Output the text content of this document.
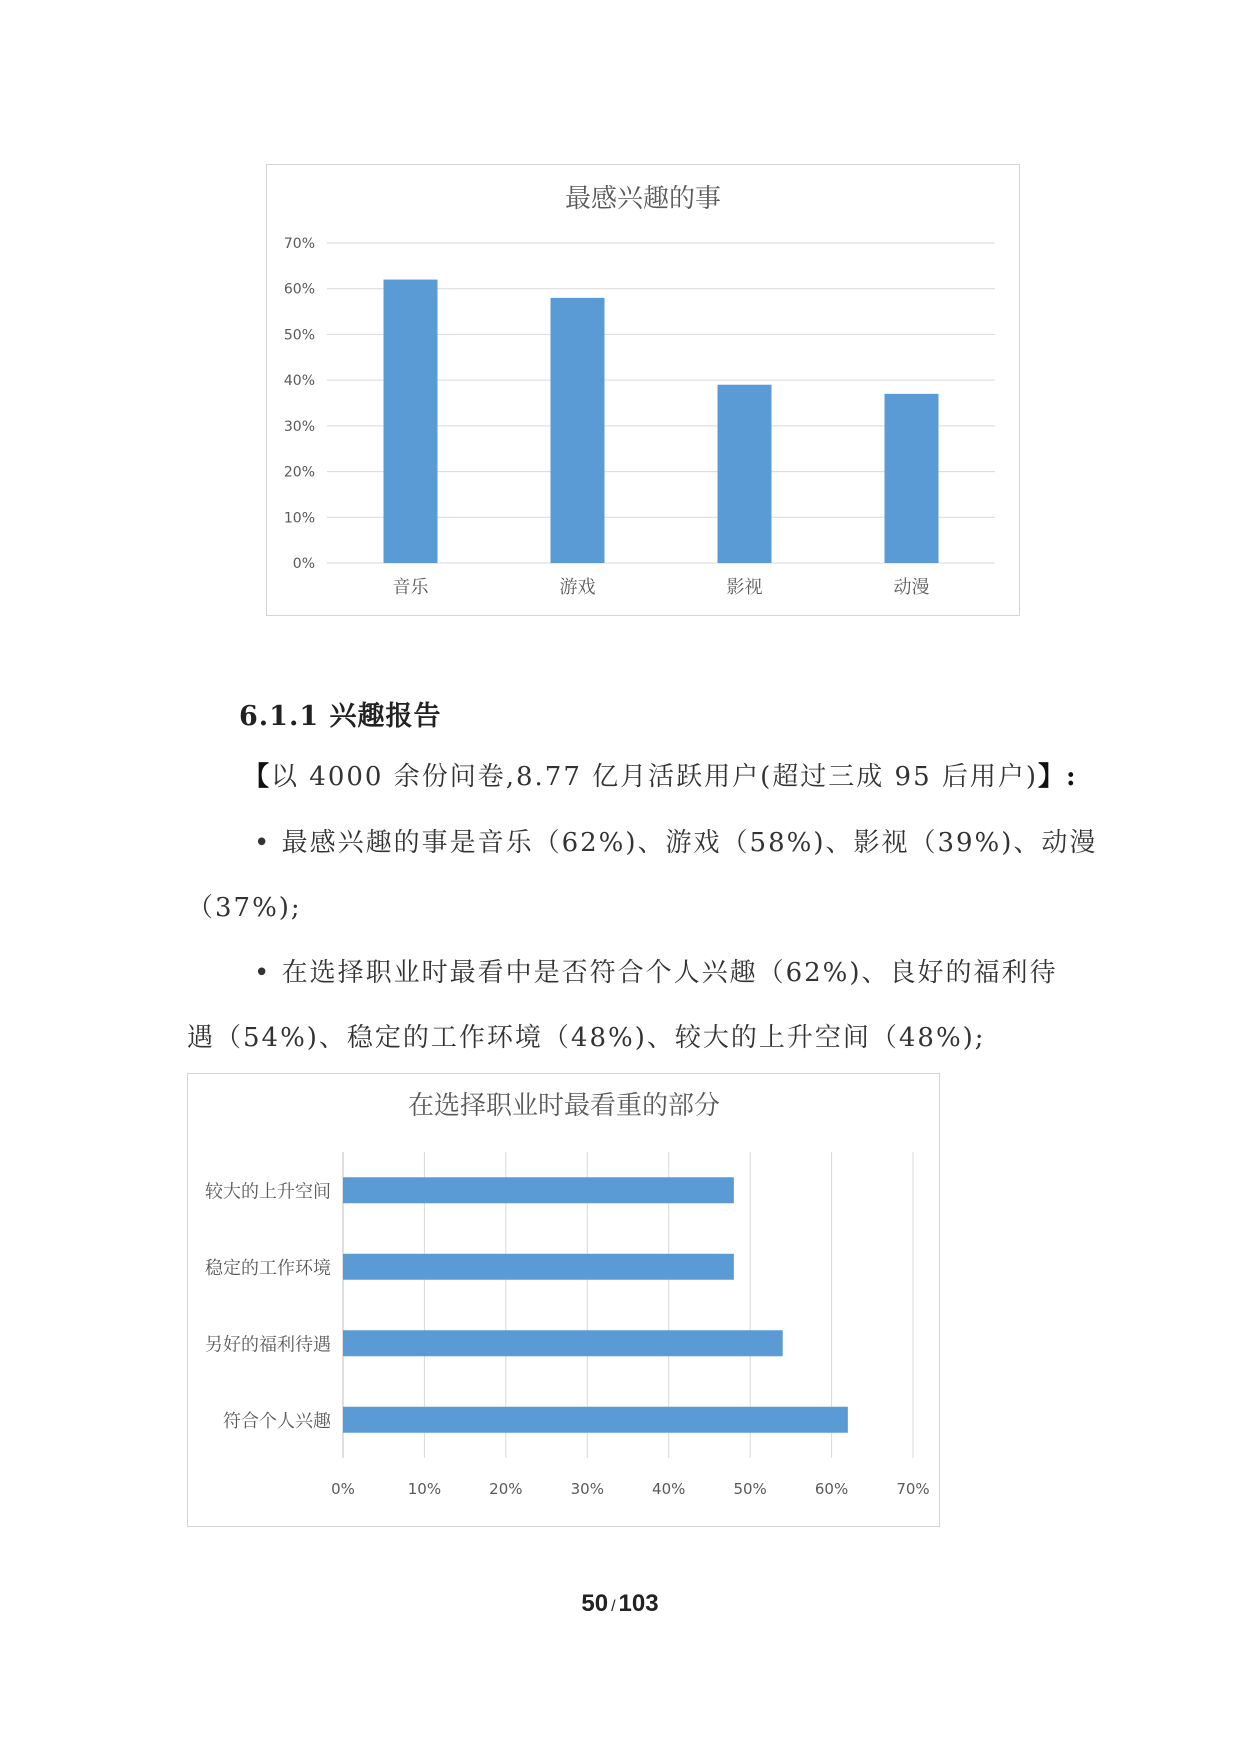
最感兴趣的事
0%
10%
20%
30%
40%
50%
60%
70%
音乐	游戏	影视	动漫
6.1.1 兴趣报告
【以 4000 余份问卷,8.77 亿月活跃用户(超过三成 95 后用户)】:
• 最感兴趣的事是音乐（62%)、游戏（58%)、影视（39%)、动漫
（37%);
• 在选择职业时最看中是否符合个人兴趣（62%)、良好的福利待
遇（54%)、稳定的工作环境（48%)、较大的上升空间（48%);
在选择职业时最看重的部分
0%	10%	20%	30%	40%	50%	60%	70%
较大的上升空间
稳定的工作环境
另好的福利待遇
符合个人兴趣
50 / 103
